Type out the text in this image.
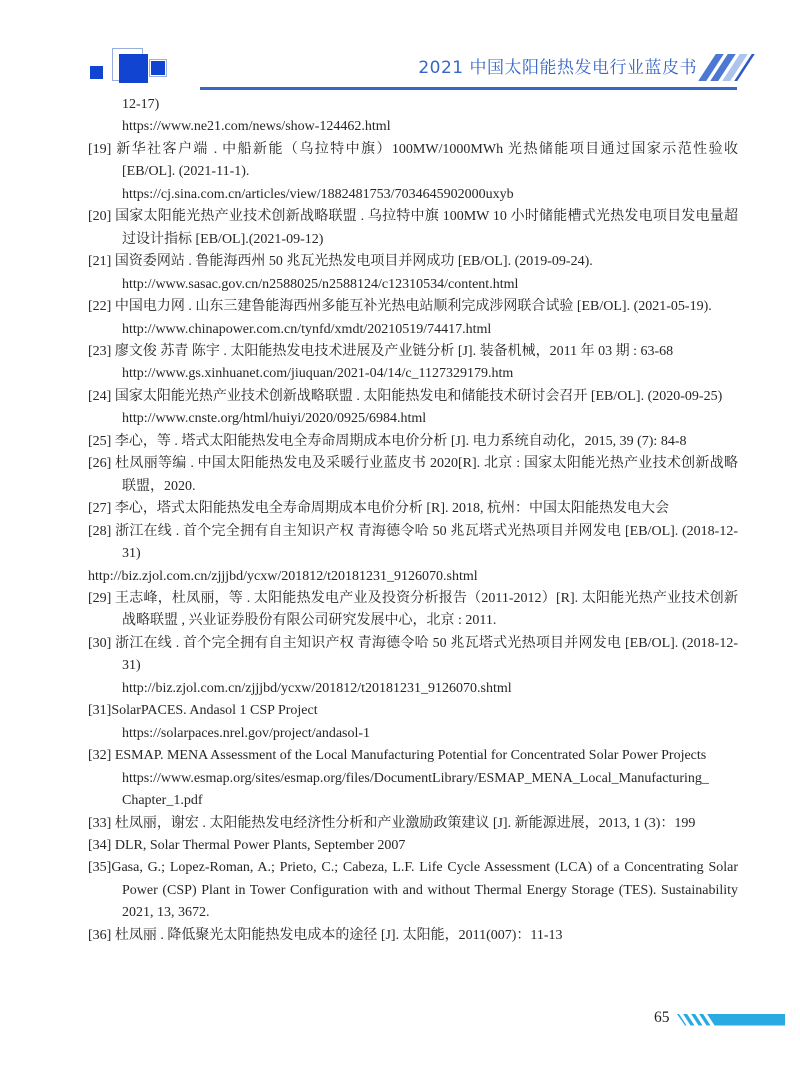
2021 中国太阳能热发电行业蓝皮书

12-17)

https://www.ne21.com/news/show-124462.html

[19] 新华社客户端 . 中船新能（乌拉特中旗）100MW/1000MWh 光热储能项目通过国家示范性验收 [EB/OL]. (2021-11-1).

https://cj.sina.com.cn/articles/view/1882481753/7034645902000uxyb

[20] 国家太阳能光热产业技术创新战略联盟 . 乌拉特中旗 100MW 10 小时储能槽式光热发电项目发电量超过设计指标 [EB/OL].(2021-09-12)

[21] 国资委网站 . 鲁能海西州 50 兆瓦光热发电项目并网成功 [EB/OL]. (2019-09-24).

http://www.sasac.gov.cn/n2588025/n2588124/c12310534/content.html

[22] 中国电力网 . 山东三建鲁能海西州多能互补光热电站顺利完成涉网联合试验 [EB/OL]. (2021-05-19).

http://www.chinapower.com.cn/tynfd/xmdt/20210519/74417.html

[23] 廖文俊 苏青 陈宇 . 太阳能热发电技术进展及产业链分析 [J]. 装备机械，2011 年 03 期 : 63-68

http://www.gs.xinhuanet.com/jiuquan/2021-04/14/c_1127329179.htm

[24] 国家太阳能光热产业技术创新战略联盟 . 太阳能热发电和储能技术研讨会召开 [EB/OL]. (2020-09-25)

http://www.cnste.org/html/huiyi/2020/0925/6984.html

[25] 李心，等 . 塔式太阳能热发电全寿命周期成本电价分析 [J]. 电力系统自动化，2015, 39 (7): 84-8

[26] 杜凤丽等编 . 中国太阳能热发电及采暖行业蓝皮书 2020[R]. 北京 : 国家太阳能光热产业技术创新战略联盟，2020.

[27] 李心，塔式太阳能热发电全寿命周期成本电价分析 [R]. 2018, 杭州：中国太阳能热发电大会

[28] 浙江在线 . 首个完全拥有自主知识产权 青海德令哈 50 兆瓦塔式光热项目并网发电 [EB/OL]. (2018-12-31)

http://biz.zjol.com.cn/zjjjbd/ycxw/201812/t20181231_9126070.shtml

[29] 王志峰，杜凤丽，等 . 太阳能热发电产业及投资分析报告（2011-2012）[R]. 太阳能光热产业技术创新战略联盟 , 兴业证券股份有限公司研究发展中心，北京 : 2011.

[30] 浙江在线 . 首个完全拥有自主知识产权 青海德令哈 50 兆瓦塔式光热项目并网发电 [EB/OL]. (2018-12-31)

http://biz.zjol.com.cn/zjjjbd/ycxw/201812/t20181231_9126070.shtml

[31]SolarPACES. Andasol 1 CSP Project

https://solarpaces.nrel.gov/project/andasol-1

[32] ESMAP. MENA Assessment of the Local Manufacturing Potential for Concentrated Solar Power Projects

https://www.esmap.org/sites/esmap.org/files/DocumentLibrary/ESMAP_MENA_Local_Manufacturing_

Chapter_1.pdf

[33] 杜凤丽，谢宏 . 太阳能热发电经济性分析和产业激励政策建议 [J]. 新能源进展，2013, 1 (3)：199

[34] DLR, Solar Thermal Power Plants, September 2007

[35]Gasa, G.; Lopez-Roman, A.; Prieto, C.; Cabeza, L.F. Life Cycle Assessment (LCA) of a Concentrating Solar Power (CSP) Plant in Tower Configuration with and without Thermal Energy Storage (TES). Sustainability 2021, 13, 3672.

[36] 杜凤丽 . 降低聚光太阳能热发电成本的途径 [J]. 太阳能，2011(007)：11-13

65
